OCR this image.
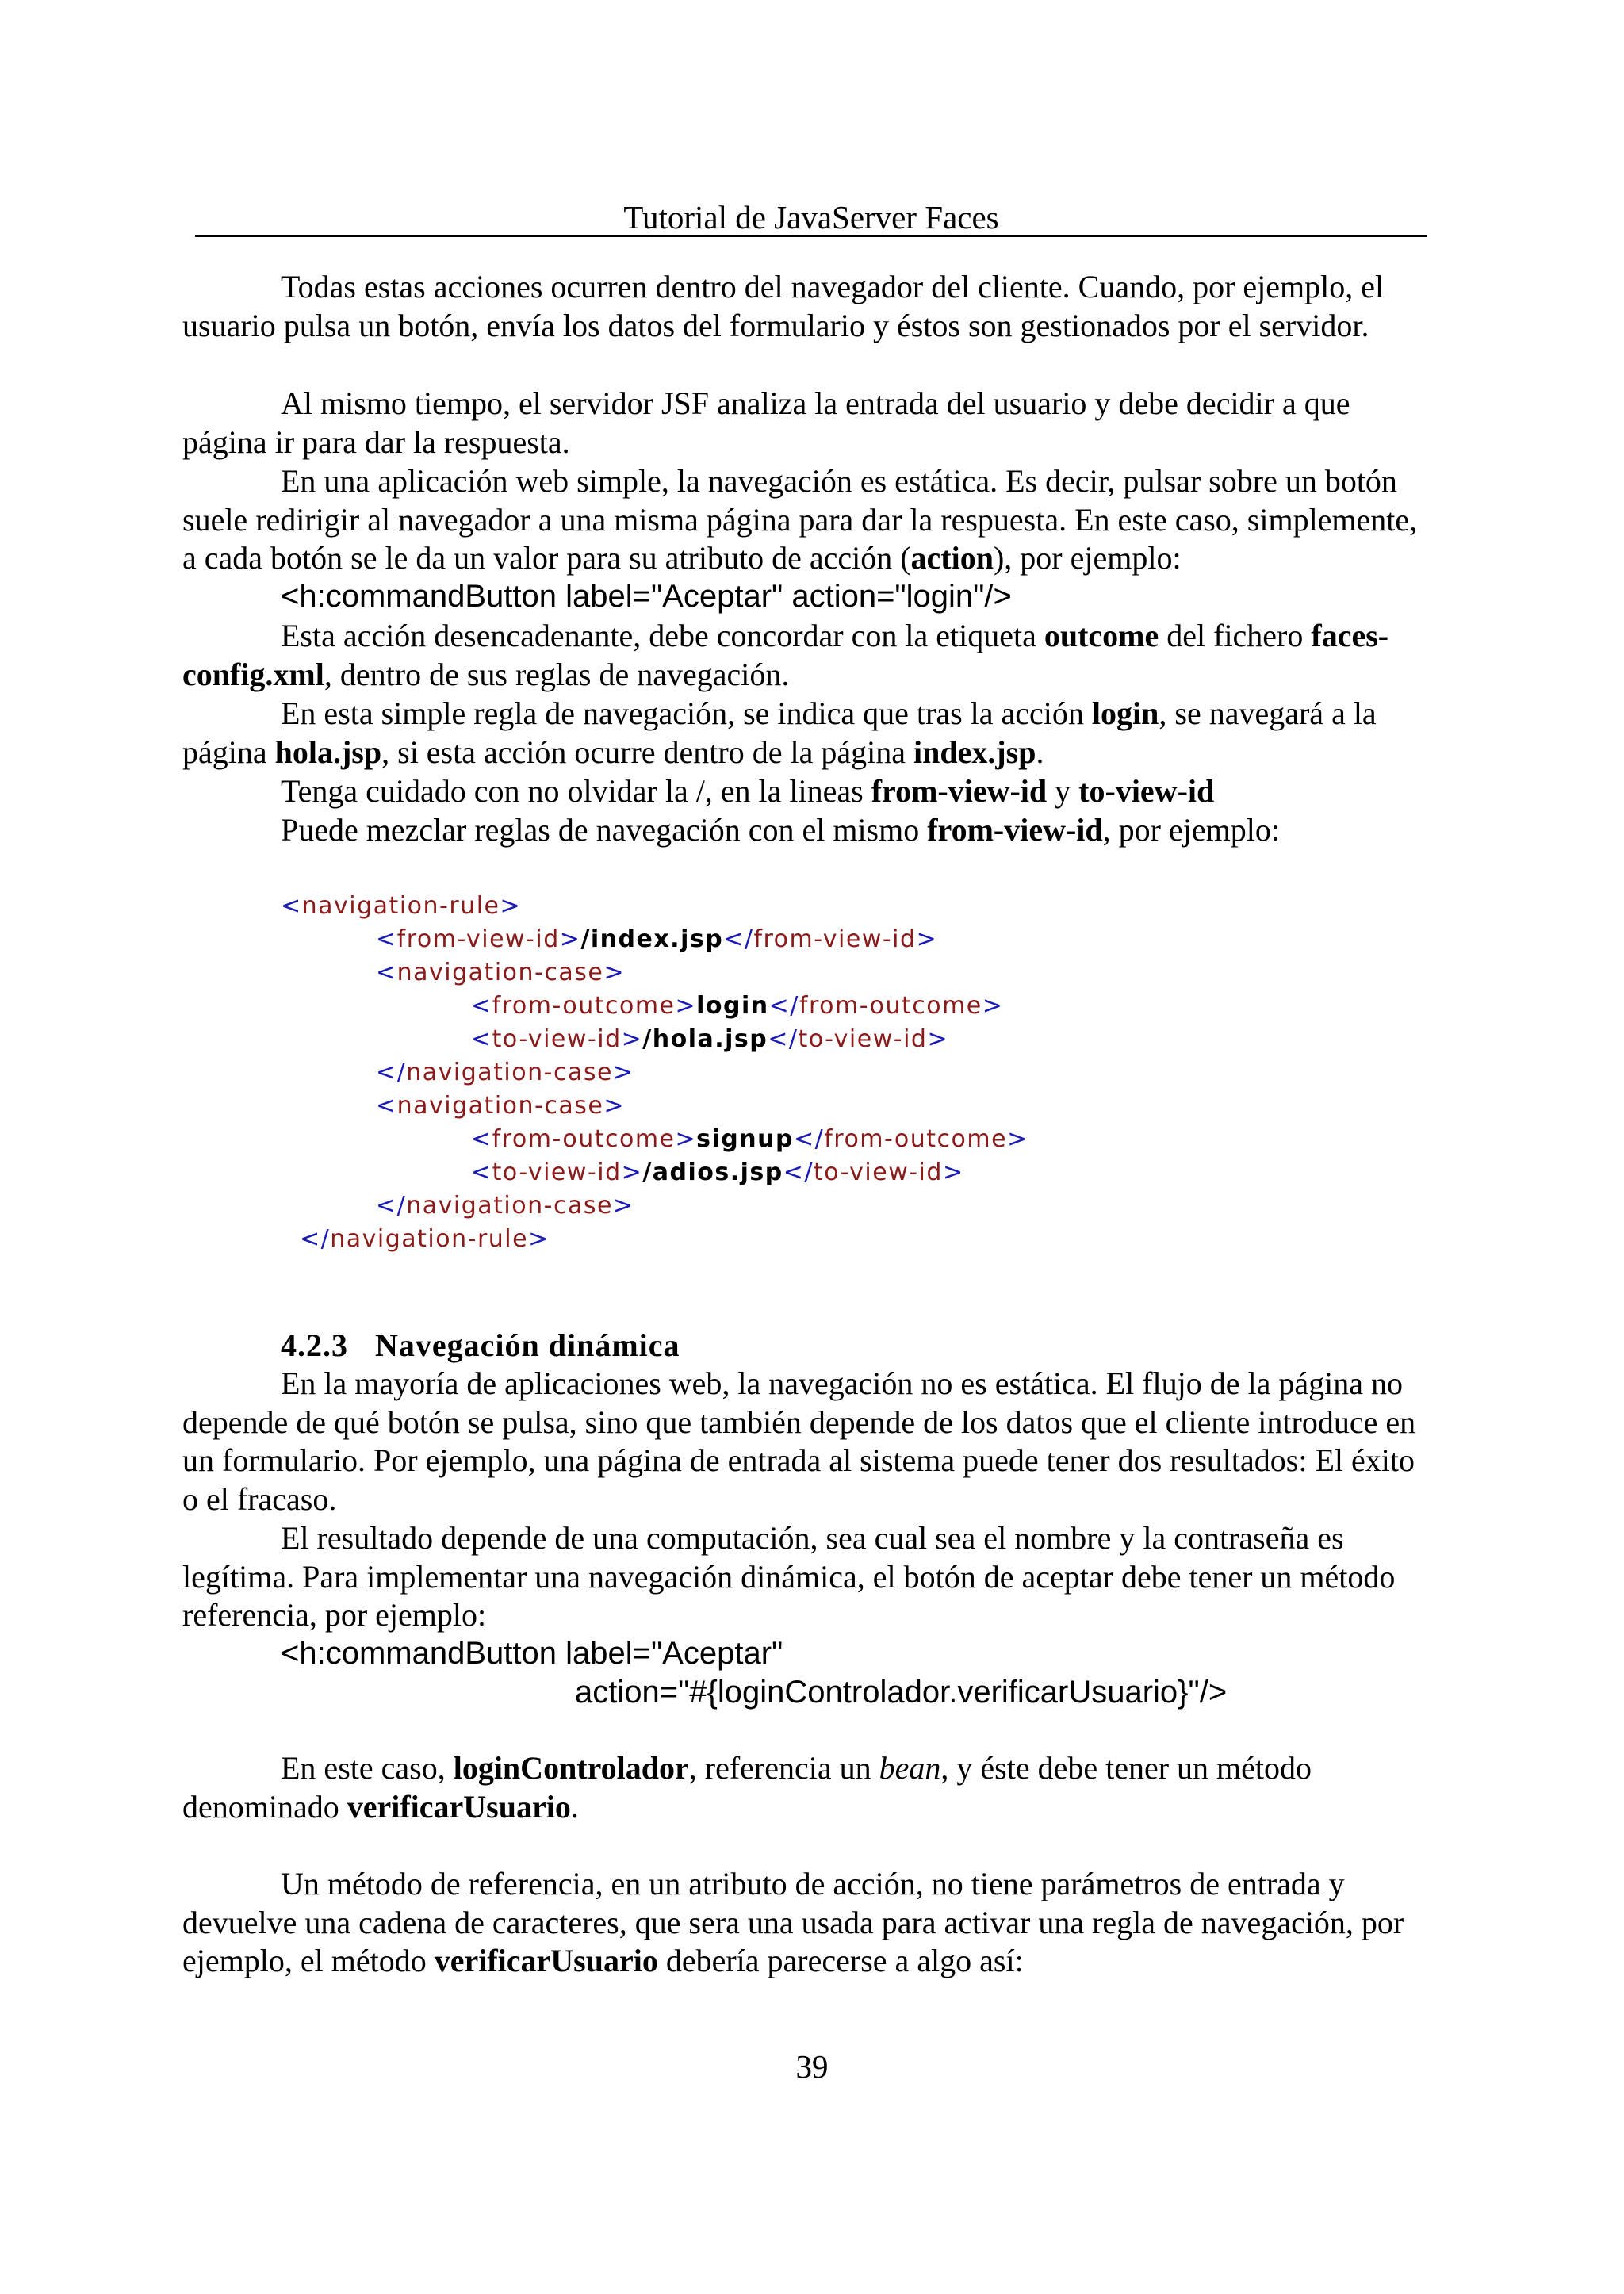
Tutorial de JavaServer Faces

Todas estas acciones ocurren dentro del navegador del cliente. Cuando, por ejemplo, el usuario pulsa un botón, envía los datos del formulario y éstos son gestionados por el servidor.

Al mismo tiempo, el servidor JSF analiza la entrada del usuario y debe decidir a que página ir para dar la respuesta.

En una aplicación web simple, la navegación es estática. Es decir, pulsar sobre un botón suele redirigir al navegador a una misma página para dar la respuesta. En este caso, simplemente, a cada botón se le da un valor para su atributo de acción (action), por ejemplo:

<h:commandButton label="Aceptar" action="login"/>

Esta acción desencadenante, debe concordar con la etiqueta outcome del fichero faces-config.xml, dentro de sus reglas de navegación.

En esta simple regla de navegación, se indica que tras la acción login, se navegará a la página hola.jsp, si esta acción ocurre dentro de la página index.jsp.

Tenga cuidado con no olvidar la /, en la lineas from-view-id y to-view-id

Puede mezclar reglas de navegación con el mismo from-view-id, por ejemplo:

<navigation-rule>
<from-view-id>/index.jsp</from-view-id>
<navigation-case>
<from-outcome>login</from-outcome>
<to-view-id>/hola.jsp</to-view-id>
</navigation-case>
<navigation-case>
<from-outcome>signup</from-outcome>
<to-view-id>/adios.jsp</to-view-id>
</navigation-case>
</navigation-rule>
4.2.3 Navegación dinámica

En la mayoría de aplicaciones web, la navegación no es estática. El flujo de la página no depende de qué botón se pulsa, sino que también depende de los datos que el cliente introduce en un formulario. Por ejemplo, una página de entrada al sistema puede tener dos resultados: El éxito o el fracaso.

El resultado depende de una computación, sea cual sea el nombre y la contraseña es legítima. Para implementar una navegación dinámica, el botón de aceptar debe tener un método referencia, por ejemplo:

<h:commandButton label="Aceptar"
action="#{loginControlador.verificarUsuario}"/>

En este caso, loginControlador, referencia un bean, y éste debe tener un método denominado verificarUsuario.

Un método de referencia, en un atributo de acción, no tiene parámetros de entrada y devuelve una cadena de caracteres, que sera una usada para activar una regla de navegación, por ejemplo, el método verificarUsuario debería parecerse a algo así:

39
